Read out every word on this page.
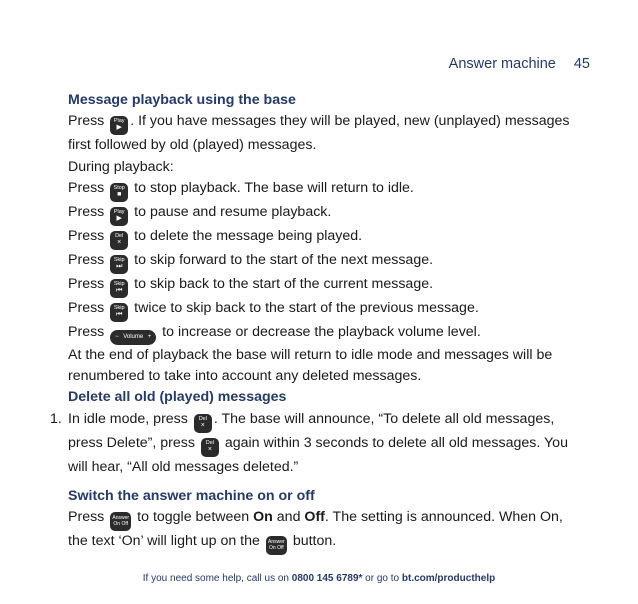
Answer machine 45
Message playback using the base
Press Play
▶ . If you have messages they will be played, new (unplayed) messages
first followed by old (played) messages.
During playback:
Press Stop
■ to stop playback. The base will return to idle.
Press Play
▶ to pause and resume playback.
Press Del
× to delete the message being played.
Press Skip
⏭ to skip forward to the start of the next message.
Press Skip
⏮ to skip back to the start of the current message.
Press Skip
⏮ twice to skip back to the start of the previous message.
Press − Volume + to increase or decrease the playback volume level.
At the end of playback the base will return to idle mode and messages will be
renumbered to take into account any deleted messages.
Delete all old (played) messages
1. In idle mode, press Del
× . The base will announce, “To delete all old messages,
press Delete”, press Del
× again within 3 seconds to delete all old messages. You
will hear, “All old messages deleted.”
Switch the answer machine on or off
Press Answer
On Off to toggle between On and Off. The setting is announced. When On,
the text ‘On’ will light up on the Answer
On Off button.
If you need some help, call us on 0800 145 6789* or go to bt.com/producthelp
